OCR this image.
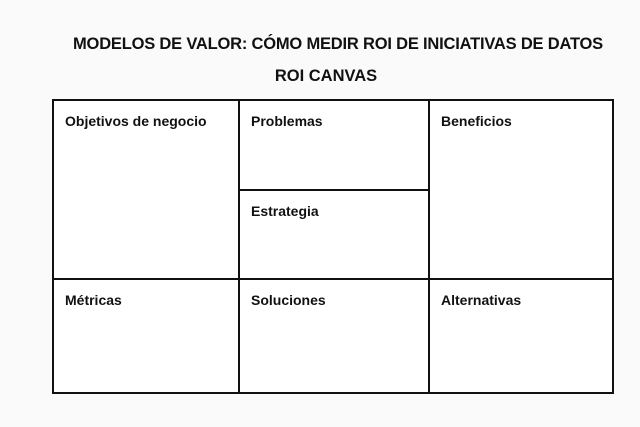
MODELOS DE VALOR: CÓMO MEDIR ROI DE INICIATIVAS DE DATOS
ROI CANVAS
Objetivos de negocio	Problemas
Estrategia
Beneficios
Métricas	Soluciones	Alternativas
